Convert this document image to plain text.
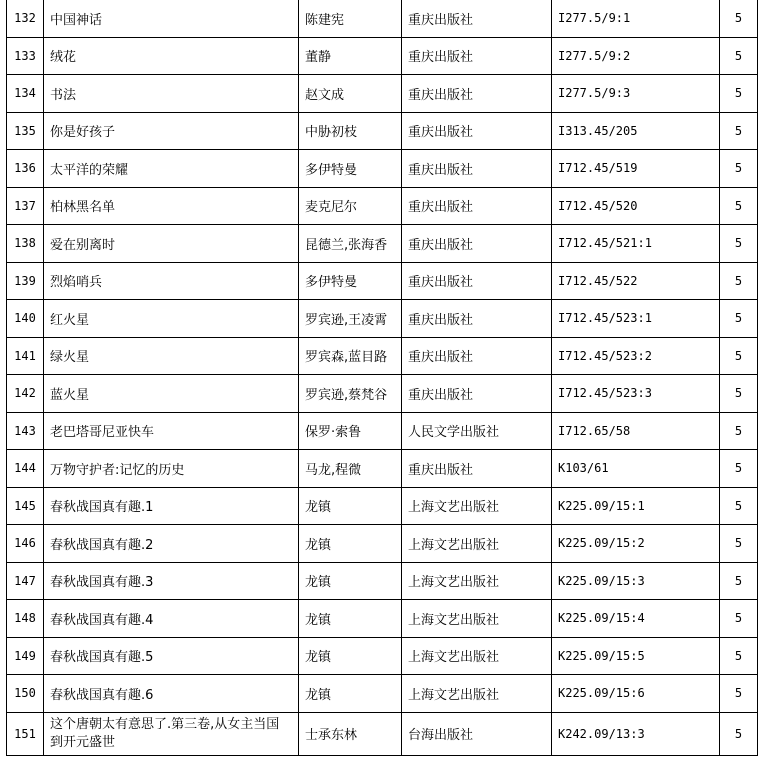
132	中国神话	陈建宪	重庆出版社	I277.5/9:1	5
133	绒花	董静	重庆出版社	I277.5/9:2	5
134	书法	赵文成	重庆出版社	I277.5/9:3	5
135	你是好孩子	中胁初枝	重庆出版社	I313.45/205	5
136	太平洋的荣耀	多伊特曼	重庆出版社	I712.45/519	5
137	柏林黑名单	麦克尼尔	重庆出版社	I712.45/520	5
138	爱在别离时	昆德兰,张海香	重庆出版社	I712.45/521:1	5
139	烈焰哨兵	多伊特曼	重庆出版社	I712.45/522	5
140	红火星	罗宾逊,王凌霄	重庆出版社	I712.45/523:1	5
141	绿火星	罗宾森,蓝目路	重庆出版社	I712.45/523:2	5
142	蓝火星	罗宾逊,蔡梵谷	重庆出版社	I712.45/523:3	5
143	老巴塔哥尼亚快车	保罗·索鲁	人民文学出版社	I712.65/58	5
144	万物守护者:记忆的历史	马龙,程微	重庆出版社	K103/61	5
145	春秋战国真有趣.1	龙镇	上海文艺出版社	K225.09/15:1	5
146	春秋战国真有趣.2	龙镇	上海文艺出版社	K225.09/15:2	5
147	春秋战国真有趣.3	龙镇	上海文艺出版社	K225.09/15:3	5
148	春秋战国真有趣.4	龙镇	上海文艺出版社	K225.09/15:4	5
149	春秋战国真有趣.5	龙镇	上海文艺出版社	K225.09/15:5	5
150	春秋战国真有趣.6	龙镇	上海文艺出版社	K225.09/15:6	5
151	这个唐朝太有意思了.第三卷,从女主当国到开元盛世	士承东林	台海出版社	K242.09/13:3	5
